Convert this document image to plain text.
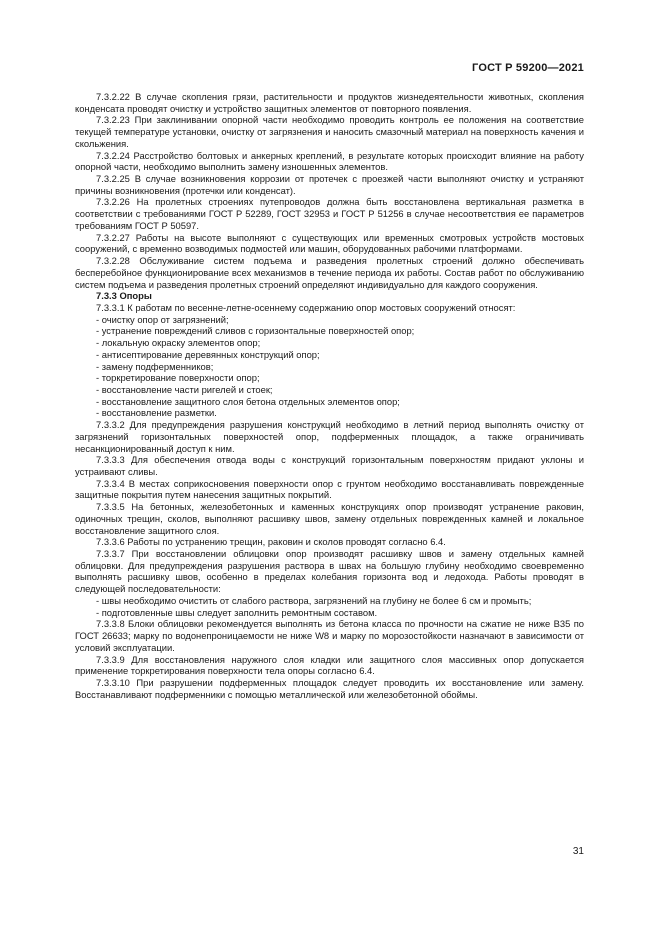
ГОСТ Р 59200—2021

7.3.2.22 В случае скопления грязи, растительности и продуктов жизнедеятельности животных, скопления конденсата проводят очистку и устройство защитных элементов от повторного появления.

7.3.2.23 При заклинивании опорной части необходимо проводить контроль ее положения на соответствие текущей температуре установки, очистку от загрязнения и наносить смазочный материал на поверхность качения и скольжения.

7.3.2.24 Расстройство болтовых и анкерных креплений, в результате которых происходит влияние на работу опорной части, необходимо выполнить замену изношенных элементов.

7.3.2.25 В случае возникновения коррозии от протечек с проезжей части выполняют очистку и устраняют причины возникновения (протечки или конденсат).

7.3.2.26 На пролетных строениях путепроводов должна быть восстановлена вертикальная разметка в соответствии с требованиями ГОСТ Р 52289, ГОСТ 32953 и ГОСТ Р 51256 в случае несоответствия ее параметров требованиям ГОСТ Р 50597.

7.3.2.27 Работы на высоте выполняют с существующих или временных смотровых устройств мостовых сооружений, с временно возводимых подмостей или машин, оборудованных рабочими платформами.

7.3.2.28 Обслуживание систем подъема и разведения пролетных строений должно обеспечивать бесперебойное функционирование всех механизмов в течение периода их работы. Состав работ по обслуживанию систем подъема и разведения пролетных строений определяют индивидуально для каждого сооружения.

7.3.3 Опоры

7.3.3.1 К работам по весенне-летне-осеннему содержанию опор мостовых сооружений относят:

- очистку опор от загрязнений;

- устранение повреждений сливов с горизонтальные поверхностей опор;

- локальную окраску элементов опор;

- антисептирование деревянных конструкций опор;

- замену подферменников;

- торкретирование поверхности опор;

- восстановление части ригелей и стоек;

- восстановление защитного слоя бетона отдельных элементов опор;

- восстановление разметки.

7.3.3.2 Для предупреждения разрушения конструкций необходимо в летний период выполнять очистку от загрязнений горизонтальных поверхностей опор, подферменных площадок, а также ограничивать несанкционированный доступ к ним.

7.3.3.3 Для обеспечения отвода воды с конструкций горизонтальным поверхностям придают уклоны и устраивают сливы.

7.3.3.4 В местах соприкосновения поверхности опор с грунтом необходимо восстанавливать поврежденные защитные покрытия путем нанесения защитных покрытий.

7.3.3.5 На бетонных, железобетонных и каменных конструкциях опор производят устранение раковин, одиночных трещин, сколов, выполняют расшивку швов, замену отдельных поврежденных камней и локальное восстановление защитного слоя.

7.3.3.6 Работы по устранению трещин, раковин и сколов проводят согласно 6.4.

7.3.3.7 При восстановлении облицовки опор производят расшивку швов и замену отдельных камней облицовки. Для предупреждения разрушения раствора в швах на большую глубину необходимо своевременно выполнять расшивку швов, особенно в пределах колебания горизонта вод и ледохода. Работы проводят в следующей последовательности:

- швы необходимо очистить от слабого раствора, загрязнений на глубину не более 6 см и промыть;

- подготовленные швы следует заполнить ремонтным составом.

7.3.3.8 Блоки облицовки рекомендуется выполнять из бетона класса по прочности на сжатие не ниже В35 по ГОСТ 26633; марку по водонепроницаемости не ниже W8 и марку по морозостойкости назначают в зависимости от условий эксплуатации.

7.3.3.9 Для восстановления наружного слоя кладки или защитного слоя массивных опор допускается применение торкретирования поверхности тела опоры согласно 6.4.

7.3.3.10 При разрушении подферменных площадок следует проводить их восстановление или замену. Восстанавливают подферменники с помощью металлической или железобетонной обоймы.

31
